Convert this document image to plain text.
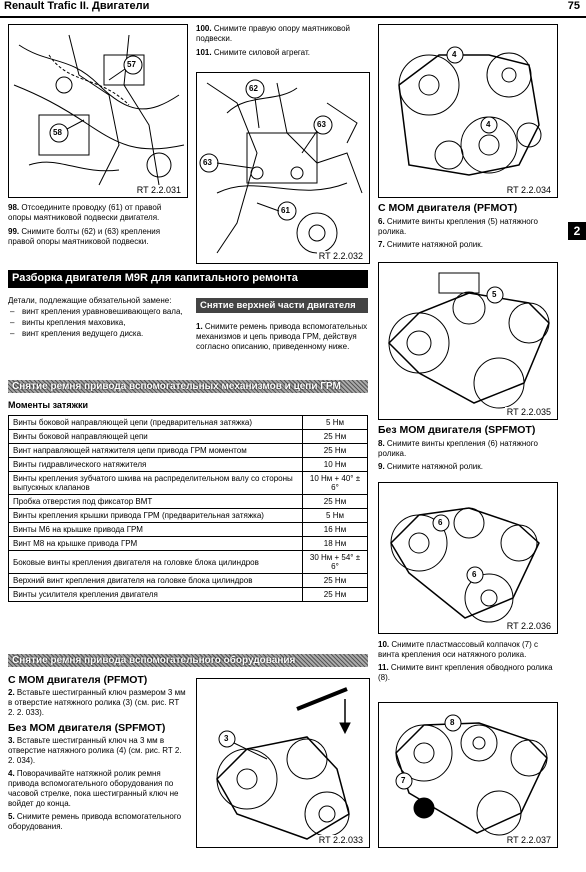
Renault Trafic II. Двигатели	75
2
57
58
RT 2.2.031
98. Отсоедините проводку (61) от правой опоры маятниковой подвески двигателя.
99. Снимите болты (62) и (63) крепления правой опоры маятниковой подвески.
100. Снимите правую опору маятниковой подвески.
101. Снимите силовой агрегат.
62
63
63
61
RT 2.2.032
4
4
RT 2.2.034
С МОМ двигателя (PFMOT)
6. Снимите винты крепления (5) натяжного ролика.
7. Снимите натяжной ролик.
5
RT 2.2.035
Без МОМ двигателя (SPFMOT)
8. Снимите винты крепления (6) натяжного ролика.
9. Снимите натяжной ролик.
6
6
RT 2.2.036
10. Снимите пластмассовый колпачок (7) с винта крепления оси натяжного ролика.
11. Снимите винт крепления обводного ролика (8).
8
7
RT 2.2.037
Разборка двигателя M9R для капитального ремонта
Детали, подлежащие обязательной замене:
– винт крепления уравновешивающего вала,
– винты крепления маховика,
– винт крепления ведущего диска.
Снятие верхней части двигателя
1. Снимите ремень привода вспомогательных механизмов и цепь привода ГРМ, действуя согласно описанию, приведенному ниже.
Снятие ремня привода вспомогательных механизмов и цепи ГРМ
Моменты затяжки
Винты боковой направляющей цепи (предварительная затяжка)	5 Нм
Винты боковой направляющей цепи	25 Нм
Винт направляющей натяжителя цепи привода ГРМ моментом	25 Нм
Винты гидравлического натяжителя	10 Нм
Винты крепления зубчатого шкива на распределительном валу со стороны выпускных клапанов	10 Нм + 40° ± 6°
Пробка отверстия под фиксатор ВМТ	25 Нм
Винты крепления крышки привода ГРМ (предварительная затяжка)	5 Нм
Винты М6 на крышке привода ГРМ	16 Нм
Винт М8 на крышке привода ГРМ	18 Нм
Боковые винты крепления двигателя на головке блока цилиндров	30 Нм + 54° ± 6°
Верхний винт крепления двигателя на головке блока цилиндров	25 Нм
Винты усилителя крепления двигателя	25 Нм
Снятие ремня привода вспомогательного оборудования
С МОМ двигателя (PFMOT)
2. Вставьте шестигранный ключ размером 3 мм в отверстие натяжного ролика (3) (см. рис. RT 2. 2. 033).
Без МОМ двигателя (SPFMOT)
3. Вставьте шестигранный ключ на 3 мм в отверстие натяжного ролика (4) (см. рис. RT 2. 2. 034).
4. Поворачивайте натяжной ролик ремня привода вспомогательного оборудования по часовой стрелке, пока шестигранный ключ не войдет до конца.
5. Снимите ремень привода вспомогательного оборудования.
3
RT 2.2.033
